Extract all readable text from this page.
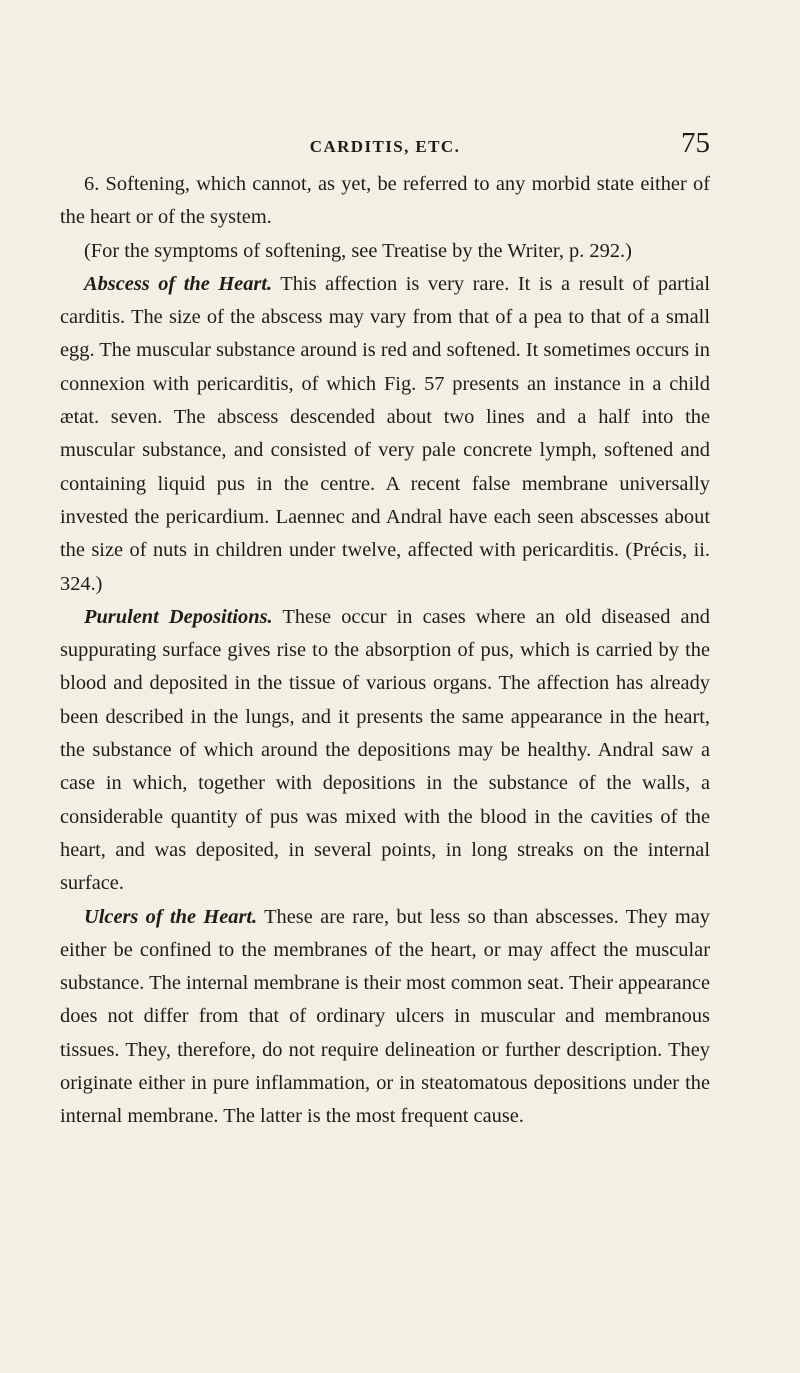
CARDITIS, ETC.	75

6. Softening, which cannot, as yet, be referred to any morbid state either of the heart or of the system.

(For the symptoms of softening, see Treatise by the Writer, p. 292.)

Abscess of the Heart. This affection is very rare. It is a result of partial carditis. The size of the abscess may vary from that of a pea to that of a small egg. The muscular substance around is red and softened. It sometimes occurs in connexion with pericarditis, of which Fig. 57 presents an instance in a child ætat. seven. The abscess descended about two lines and a half into the muscular substance, and consisted of very pale concrete lymph, softened and containing liquid pus in the centre. A recent false membrane universally invested the pericardium. Laennec and Andral have each seen abscesses about the size of nuts in children under twelve, affected with pericarditis. (Précis, ii. 324.)

Purulent Depositions. These occur in cases where an old diseased and suppurating surface gives rise to the absorption of pus, which is carried by the blood and deposited in the tissue of various organs. The affection has already been described in the lungs, and it presents the same appearance in the heart, the substance of which around the depositions may be healthy. Andral saw a case in which, together with depositions in the substance of the walls, a considerable quantity of pus was mixed with the blood in the cavities of the heart, and was deposited, in several points, in long streaks on the internal surface.

Ulcers of the Heart. These are rare, but less so than abscesses. They may either be confined to the membranes of the heart, or may affect the muscular substance. The internal membrane is their most common seat. Their appearance does not differ from that of ordinary ulcers in muscular and membranous tissues. They, therefore, do not require delineation or further description. They originate either in pure inflammation, or in steatomatous depositions under the internal membrane. The latter is the most frequent cause.
